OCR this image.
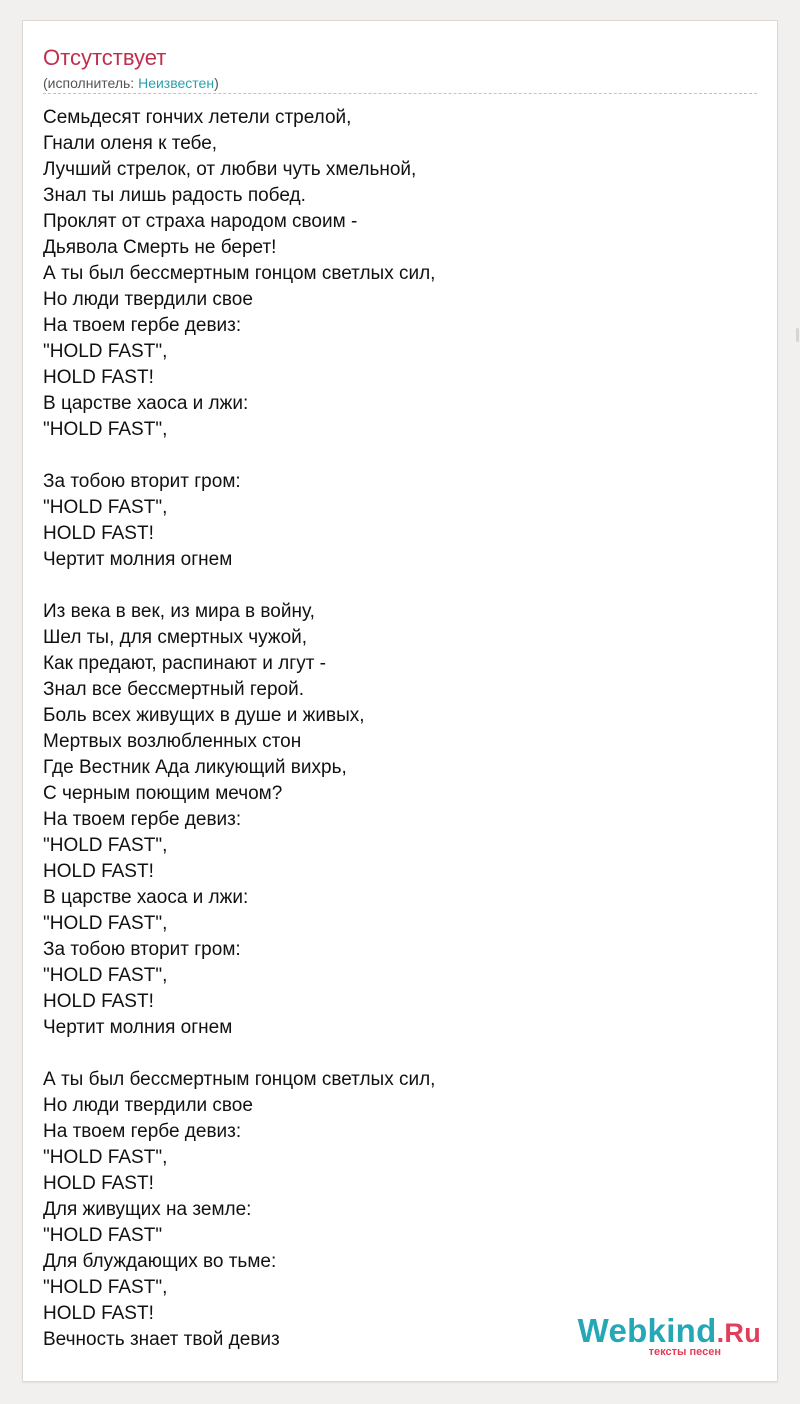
Отсутствует
(исполнитель: Неизвестен)
Семьдесят гончих летели стрелой,
Гнали оленя к тебе,
Лучший стрелок, от любви чуть хмельной,
Знал ты лишь радость побед.
Проклят от страха народом своим -
Дьявола Смерть не берет!
А ты был бессмертным гонцом светлых сил,
Но люди твердили свое
На твоем гербе девиз:
"HOLD FAST",
HOLD FAST!
В царстве хаоса и лжи:
"HOLD FAST",
За тобою вторит гром:
"HOLD FAST",
HOLD FAST!
Чертит молния огнем
Из века в век, из мира в войну,
Шел ты, для смертных чужой,
Как предают, распинают и лгут -
Знал все бессмертный герой.
Боль всех живущих в душе и живых,
Мертвых возлюбленных стон
Где Вестник Ада ликующий вихрь,
С черным поющим мечом?
На твоем гербе девиз:
"HOLD FAST",
HOLD FAST!
В царстве хаоса и лжи:
"HOLD FAST",
За тобою вторит гром:
"HOLD FAST",
HOLD FAST!
Чертит молния огнем
А ты был бессмертным гонцом светлых сил,
Но люди твердили свое
На твоем гербе девиз:
"HOLD FAST",
HOLD FAST!
Для живущих на земле:
"HOLD FAST"
Для блуждающих во тьме:
"HOLD FAST",
HOLD FAST!
Вечность знает твой девиз	Webkind.Ru
тексты песен
